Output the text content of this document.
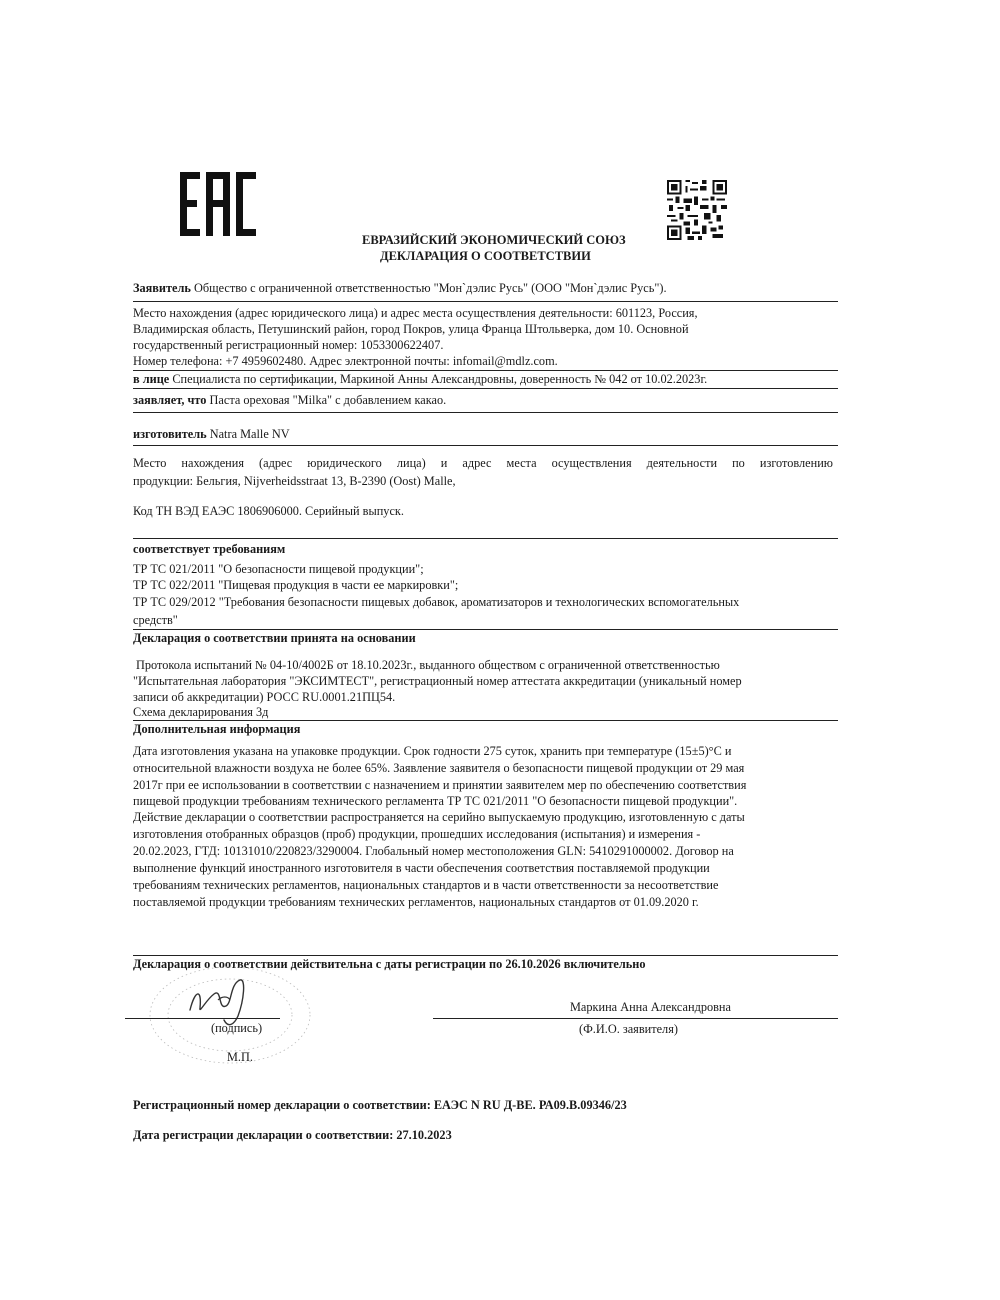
ЕВРАЗИЙСКИЙ ЭКОНОМИЧЕСКИЙ СОЮЗ
ДЕКЛАРАЦИЯ О СООТВЕТСТВИИ
Заявитель Общество с ограниченной ответственностью "Мон`дэлис Русь" (ООО "Мон`дэлис Русь").
Место нахождения (адрес юридического лица) и адрес места осуществления деятельности: 601123, Россия,
Владимирская область, Петушинский район, город Покров, улица Франца Штольверка, дом 10. Основной
государственный регистрационный номер: 1053300622407.
Номер телефона: +7 4959602480. Адрес электронной почты: infomail@mdlz.com.
в лице Специалиста по сертификации, Маркиной Анны Александровны, доверенность № 042 от 10.02.2023г.
заявляет, что Паста ореховая "Milka" с добавлением какао.
изготовитель Natra Malle NV
Место нахождения (адрес юридического лица) и адрес места осуществления деятельности по изготовлению
продукции: Бельгия, Nijverheidsstraat 13, B-2390 (Oost) Malle,
Код ТН ВЭД ЕАЭС 1806906000. Серийный выпуск.
соответствует требованиям
ТР ТС 021/2011 "О безопасности пищевой продукции";
ТР ТС 022/2011 "Пищевая продукция в части ее маркировки";
ТР ТС 029/2012 "Требования безопасности пищевых добавок, ароматизаторов и технологических вспомогательных
средств"
Декларация о соответствии принята на основании
Протокола испытаний № 04-10/4002Б от 18.10.2023г., выданного обществом с ограниченной ответственностью
"Испытательная лаборатория "ЭКСИМТЕСТ", регистрационный номер аттестата аккредитации (уникальный номер
записи об аккредитации) РОСС RU.0001.21ПЦ54.
Схема декларирования 3д
Дополнительная информация
Дата изготовления указана на упаковке продукции. Срок годности 275 суток, хранить при температуре (15±5)°С и
относительной влажности воздуха не более 65%. Заявление заявителя о безопасности пищевой продукции от 29 мая
2017г при ее использовании в соответствии с назначением и принятии заявителем мер по обеспечению соответствия
пищевой продукции требованиям технического регламента ТР ТС 021/2011 "О безопасности пищевой продукции".
Действие декларации о соответствии распространяется на серийно выпускаемую продукцию, изготовленную с даты
изготовления отобранных образцов (проб) продукции, прошедших исследования (испытания) и измерения -
20.02.2023, ГТД: 10131010/220823/3290004. Глобальный номер местоположения GLN: 5410291000002. Договор на
выполнение функций иностранного изготовителя в части обеспечения соответствия поставляемой продукции
требованиям технических регламентов, национальных стандартов и в части ответственности за несоответствие
поставляемой продукции требованиям технических регламентов, национальных стандартов от 01.09.2020 г.
Декларация о соответствии действительна с даты регистрации по 26.10.2026 включительно
(подпись)
М.П.
Маркина Анна Александровна
(Ф.И.О. заявителя)
Регистрационный номер декларации о соответствии: ЕАЭС N RU Д-BE. РА09.В.09346/23
Дата регистрации декларации о соответствии: 27.10.2023
